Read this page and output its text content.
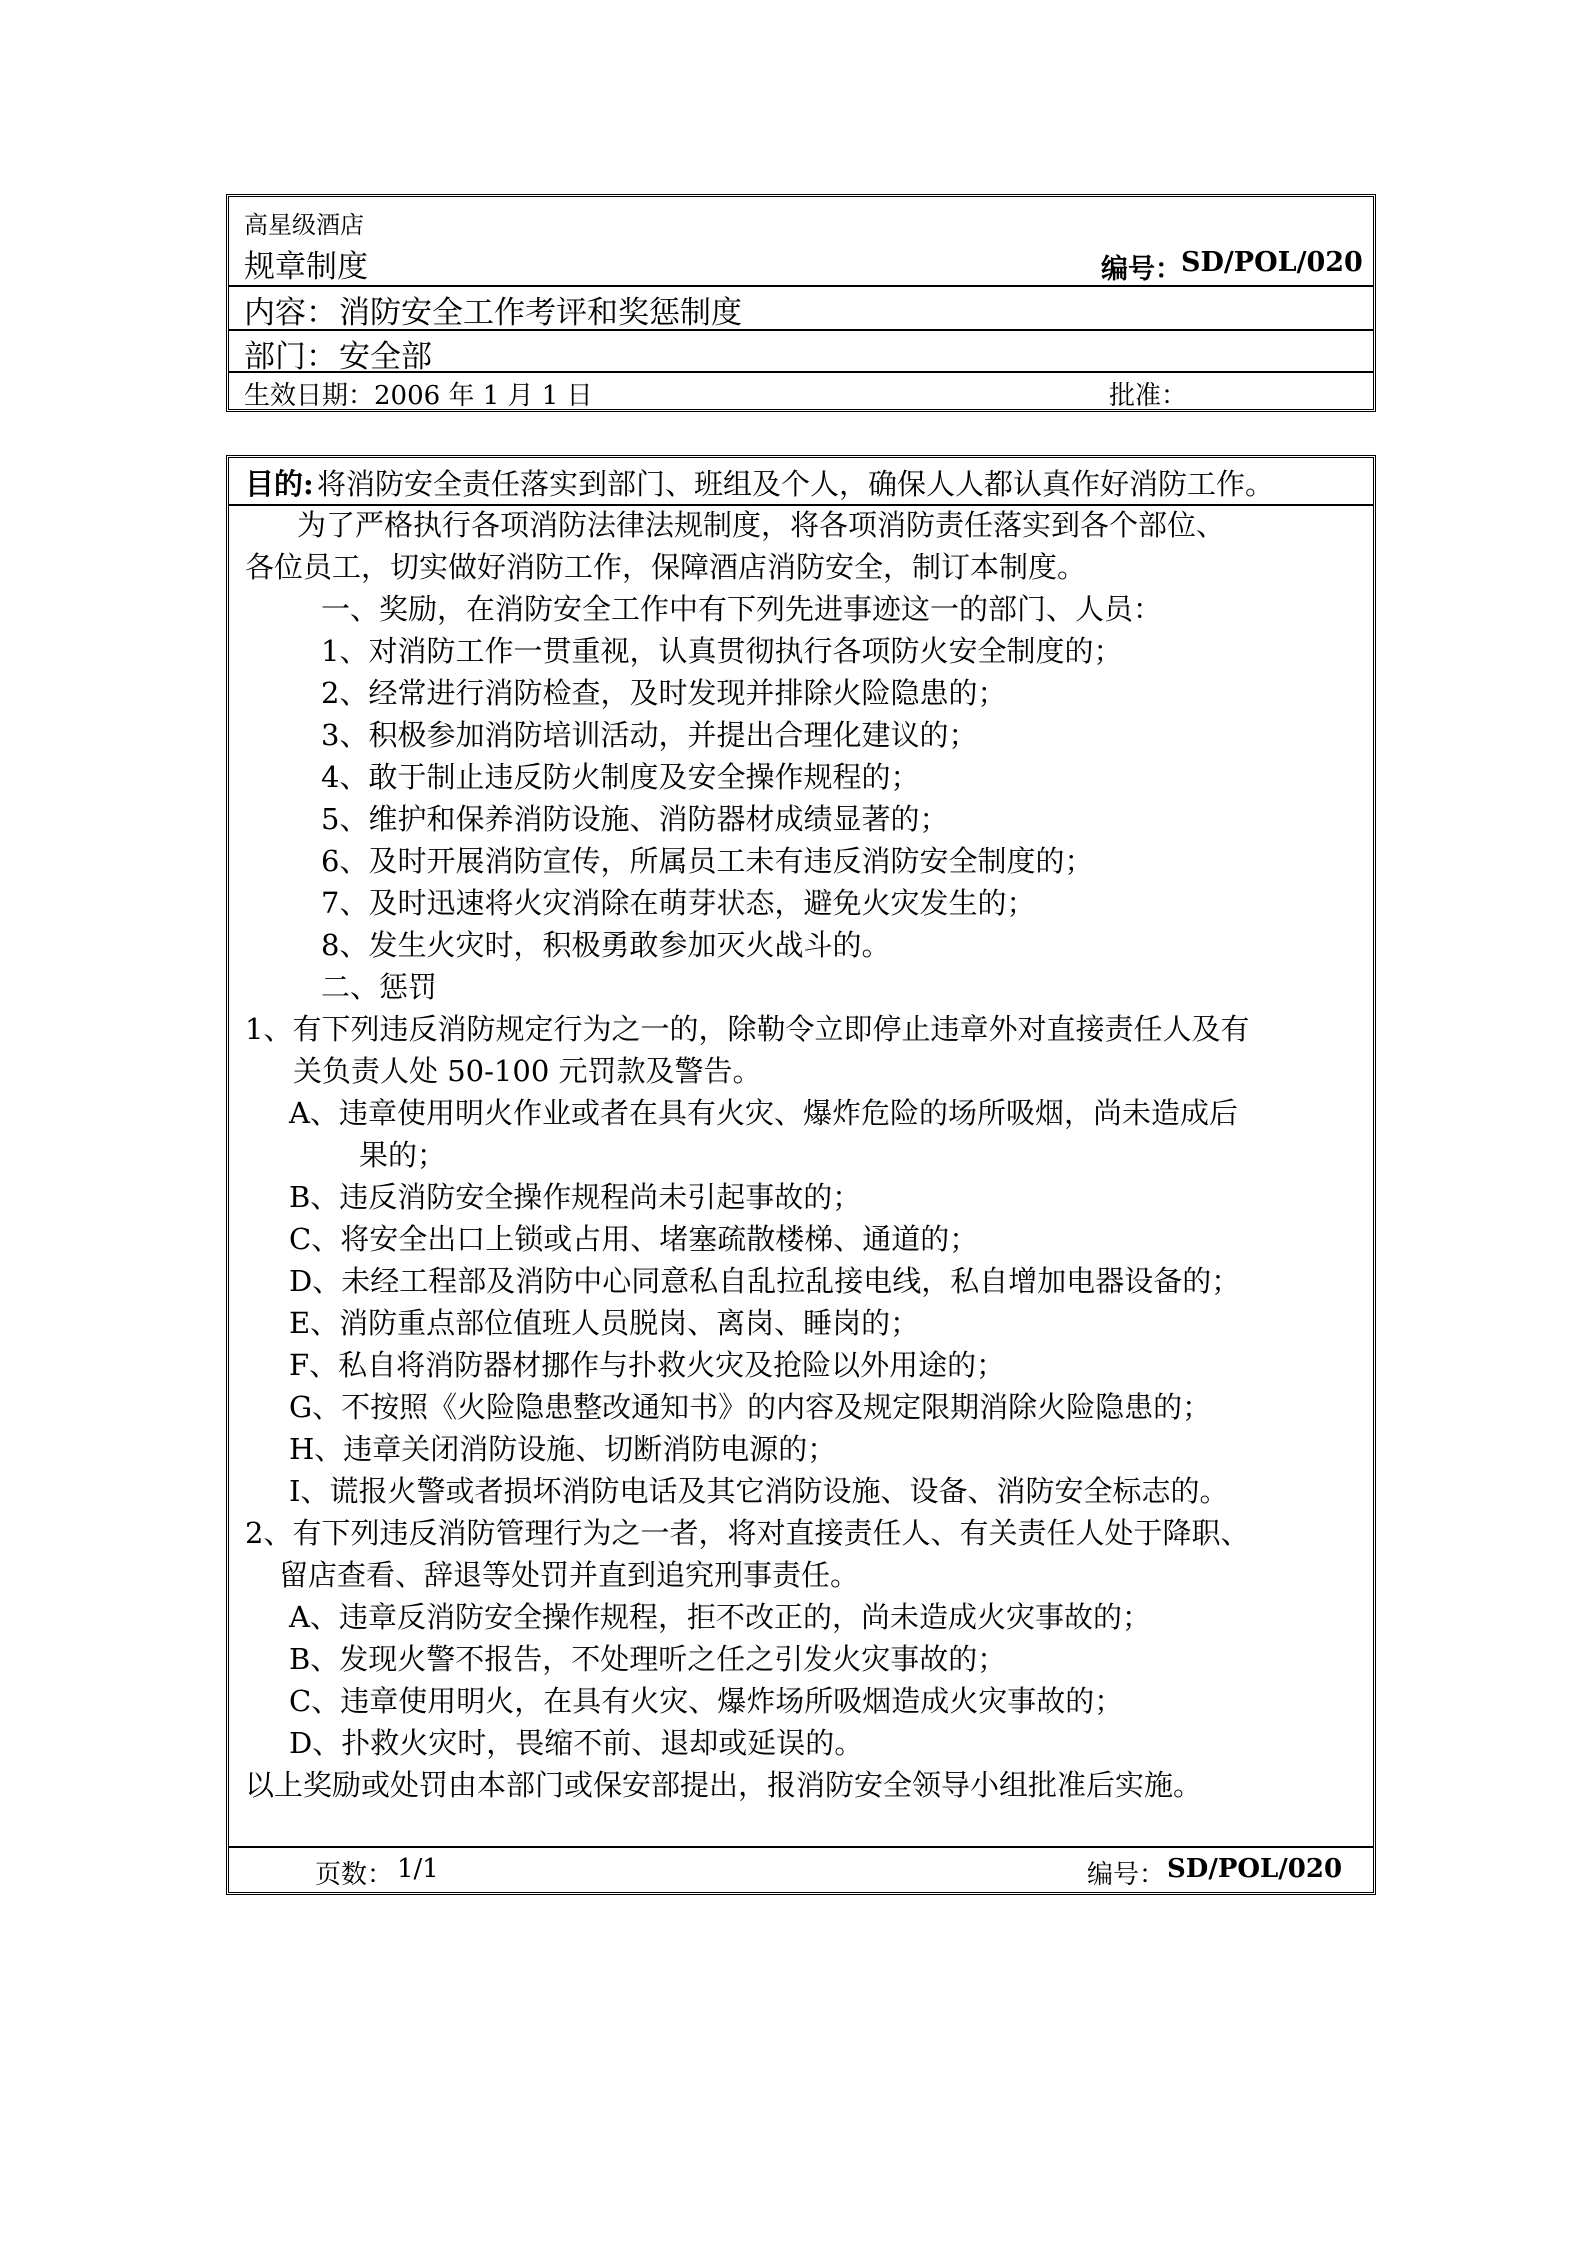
高星级酒店
规章制度	编号： SD/POL/020
内容： 消防安全工作考评和奖惩制度
部门： 安全部
生效日期：2006 年 1 月 1 日	批准：
目的: 将消防安全责任落实到部门、班组及个人，确保人人都认真作好消防工作。
为了严格执行各项消防法律法规制度，将各项消防责任落实到各个部位、
各位员工，切实做好消防工作，保障酒店消防安全，制订本制度。
一、奖励，在消防安全工作中有下列先进事迹这一的部门、人员：
1、对消防工作一贯重视，认真贯彻执行各项防火安全制度的；
2、经常进行消防检查，及时发现并排除火险隐患的；
3、积极参加消防培训活动，并提出合理化建议的；
4、敢于制止违反防火制度及安全操作规程的；
5、维护和保养消防设施、消防器材成绩显著的；
6、及时开展消防宣传，所属员工未有违反消防安全制度的；
7、及时迅速将火灾消除在萌芽状态，避免火灾发生的；
8、发生火灾时，积极勇敢参加灭火战斗的。
二、惩罚
1、有下列违反消防规定行为之一的，除勒令立即停止违章外对直接责任人及有
关负责人处 50-100 元罚款及警告。
A、违章使用明火作业或者在具有火灾、爆炸危险的场所吸烟，尚未造成后
果的；
B、违反消防安全操作规程尚未引起事故的；
C、将安全出口上锁或占用、堵塞疏散楼梯、通道的；
D、未经工程部及消防中心同意私自乱拉乱接电线，私自增加电器设备的；
E、消防重点部位值班人员脱岗、离岗、睡岗的；
F、私自将消防器材挪作与扑救火灾及抢险以外用途的；
G、不按照《火险隐患整改通知书》的内容及规定限期消除火险隐患的；
H、违章关闭消防设施、切断消防电源的；
I、谎报火警或者损坏消防电话及其它消防设施、设备、消防安全标志的。
2、有下列违反消防管理行为之一者，将对直接责任人、有关责任人处于降职、
留店查看、辞退等处罚并直到追究刑事责任。
A、违章反消防安全操作规程，拒不改正的，尚未造成火灾事故的；
B、发现火警不报告，不处理听之任之引发火灾事故的；
C、违章使用明火，在具有火灾、爆炸场所吸烟造成火灾事故的；
D、扑救火灾时，畏缩不前、退却或延误的。
以上奖励或处罚由本部门或保安部提出，报消防安全领导小组批准后实施。
页数： 1/1	编号： SD/POL/020
